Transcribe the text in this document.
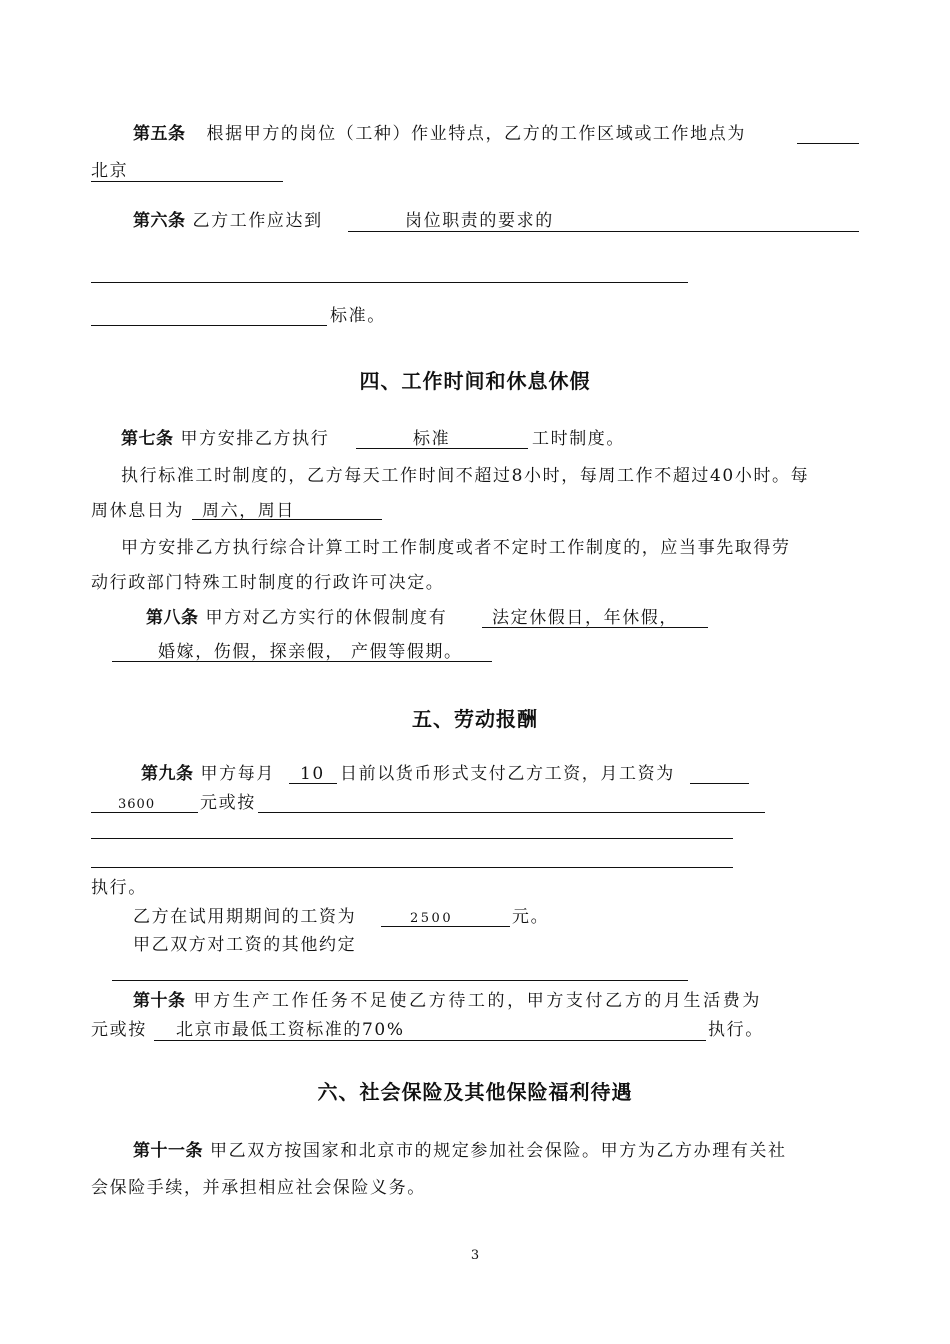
第五条 根据甲方的岗位（工种）作业特点，乙方的工作区域或工作地点为
北京
第六条 乙方工作应达到	岗位职责的要求的
标准。
四、工作时间和休息休假
第七条 甲方安排乙方执行	标准	工时制度。
执行标准工时制度的，乙方每天工作时间不超过8小时，每周工作不超过40小时。每
周休息日为 周六，周日
甲方安排乙方执行综合计算工时工作制度或者不定时工作制度的，应当事先取得劳
动行政部门特殊工时制度的行政许可决定。
第八条 甲方对乙方实行的休假制度有	法定休假日，年休假，
婚嫁，伤假，探亲假， 产假等假期。
五、劳动报酬
第九条 甲方每月 10 日前以货币形式支付乙方工资，月工资为
3600	元或按
执行。
乙方在试用期期间的工资为	2500	元。
甲乙双方对工资的其他约定
第十条 甲方生产工作任务不足使乙方待工的，甲方支付乙方的月生活费为
元或按 北京市最低工资标准的70%	执行。
六、社会保险及其他保险福利待遇
第十一条 甲乙双方按国家和北京市的规定参加社会保险。甲方为乙方办理有关社
会保险手续，并承担相应社会保险义务。
3
